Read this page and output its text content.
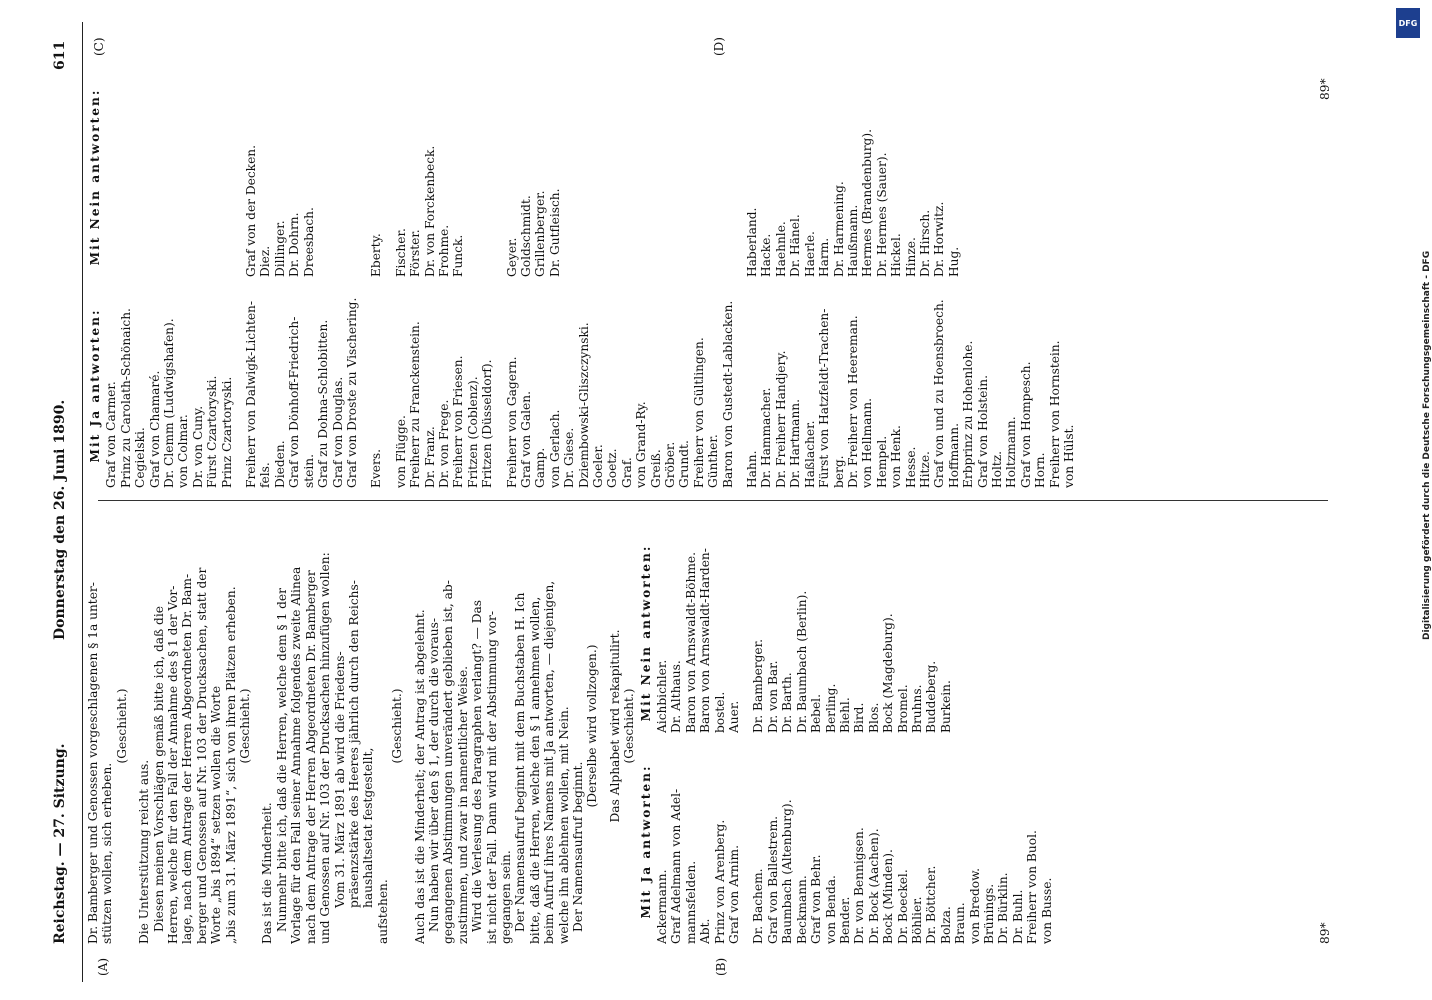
Reichstag. — 27. Sitzung.
Donnerstag den 26. Juni 1890.
611
(A)	(B)
(C)	(D)
Dr. Bamberger und Genossen vorgeschlagenen § 1a unter- stützen wollen, sich erheben.
(Geschieht.)
Die Unterstützung reicht aus. Diesen meinen Vorschlägen gemäß bitte ich, daß die Herren, welche für den Fall der Annahme des § 1 der Vor- lage, nach dem Antrage der Herren Abgeordneten Dr. Bam- berger und Genossen auf Nr. 103 der Drucksachen, statt der Worte „bis 1894“ setzen wollen die Worte „bis zum 31. März 1891“, sich von ihren Plätzen erheben. (Geschieht.)
Das ist die Minderheit. Nunmehr bitte ich, daß die Herren, welche dem § 1 der Vorlage für den Fall seiner Annahme folgendes zweite Alinea nach dem Antrage der Herren Abgeordneten Dr. Bamberger und Genossen auf Nr. 103 der Drucksachen hinzufügen wollen: Vom 31. März 1891 ab wird die Friedens- präsenzstärke des Heeres jährlich durch den Reichs- haushaltsetat festgestellt,
aufstehen.
(Geschieht.) Auch das ist die Minderheit; der Antrag ist abgelehnt. Nun haben wir über den § 1, der durch die voraus- gegangenen Abstimmungen unverändert geblieben ist, ab- zustimmen, und zwar in namentlicher Weise. Wird die Verlesung des Paragraphen verlangt? — Das ist nicht der Fall. Dann wird mit der Abstimmung vor- gegangen sein. Der Namensaufruf beginnt mit dem Buchstaben H. Ich bitte, daß die Herren, welche den § 1 annehmen wollen, beim Aufruf ihres Namens mit Ja antworten, — diejenigen, welche ihn ablehnen wollen, mit Nein. Der Namensaufruf beginnt.
(Derselbe wird vollzogen.) Das Alphabet wird rekapitulirt. (Geschieht.)
Mit Ja antworten:
Mit Nein antworten:
Ackermann. Graf Adelmann von Adel- mannsfelden. Abt. Prinz von Arenberg. Graf von Arnim.
Aichbichler. Dr. Althaus. Baron von Arnswaldt-Böhme. Baron von Arnswaldt-Harden- bostel. Auer.
Dr. Bachem. Graf von Ballestrem. Baumbach (Altenburg). Beckmann. Graf von Behr. von Benda. Bender. Dr. von Bennigsen. Dr. Bock (Aachen). Bock (Minden). Dr. Boeckel. Böhlier. Dr. Böttcher. Bolza. Braun. von Bredow. Brünings. Dr. Bürklin. Dr. Buhl. Freiherr von Buol. von Busse.
Dr. Bamberger. Dr. von Bar. Dr. Barth. Dr. Baumbach (Berlin). Bebel. Berling. Biehl. Bird. Blos. Bock (Magdeburg). Bromel. Bruhns. Buddeberg. Burkein.
Mit Ja antworten:
Mit Nein antworten:
Graf von Carmer. Prinz zu Carolath-Schönaich. Cegielski. Graf von Chamaré. Dr. Clemm (Ludwigshafen). von Colmar. Dr. von Cuny. Fürst Czartoryski. Prinz Czartoryski. Freiherr von Dalwigk-Lichten- fels. Dieden. Graf von Dönhoff-Friedrich- stein. Graf zu Dohna-Schlobitten. Graf von Douglas. Graf von Droste zu Vischering.
Graf von der Decken. Diez. Dillinger. Dr. Dohrn. Dreesbach.
Evers.
Eberty.
von Flügge. Freiherr zu Franckenstein. Dr. Franz. Dr. von Frege. Freiherr von Friesen. Fritzen (Coblenz). Fritzen (Düsseldorf).
Fischer. Förster. Dr. von Forckenbeck. Frohme. Funck.
Freiherr von Gagern. Graf von Galen. Gamp. von Gerlach. Dr. Giese. Dziembowski-Gliszczynski. Goeler. Goetz. Graf. von Grand-Ry. Greiß. Gröber. Grundt. Freiherr von Gültlingen. Günther. Baron von Gustedt-Lablacken.
Geyer. Goldschmidt. Grillenberger. Dr. Gutfleisch.
Hahn. Dr. Hammacher. Dr. Freiherr Handjery. Dr. Hartmann. Haßlacher. Fürst von Hatzfeldt-Trachen- berg. Dr. Freiherr von Heereman. von Hellmann. Hempel. von Henk. Hesse. Hitze. Graf von und zu Hoensbroech. Hoffmann. Erbprinz zu Hohenlohe. Graf von Holstein. Holtz. Holtzmann. Graf von Hompesch. Horn. Freiherr von Hornstein. von Hülst.
Haberland. Hacke. Haehnle. Dr. Hänel. Haerle. Harm. Dr. Harmening. Haußmann. Hermes (Brandenburg). Dr. Hermes (Sauer). Hickel. Hinze. Dr. Hirsch. Dr. Horwitz. Hug.
89*
89*
DFG
Digitalisierung gefördert durch die Deutsche Forschungsgemeinschaft - DFG
